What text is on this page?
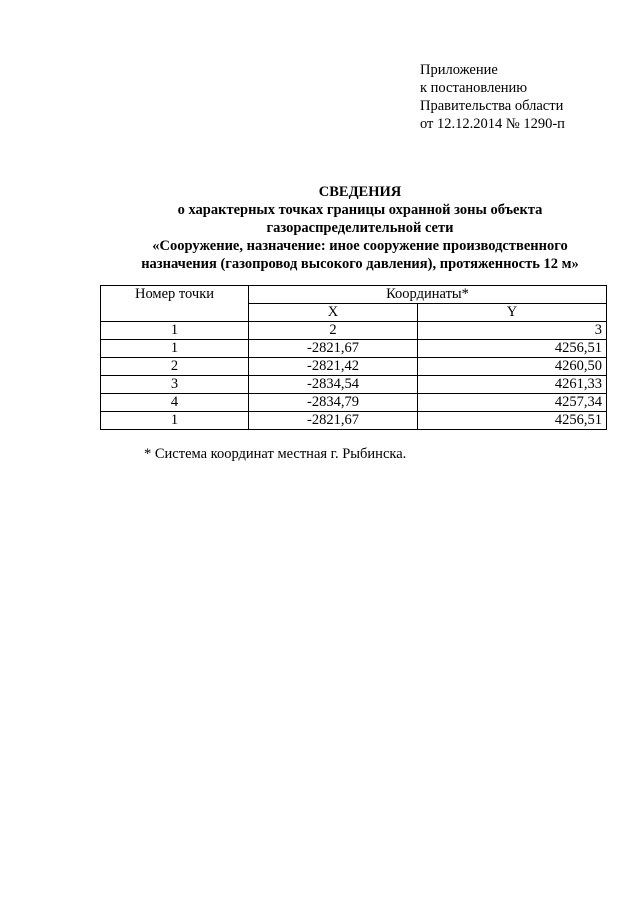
Приложение
к постановлению
Правительства области
от 12.12.2014 № 1290-п
СВЕДЕНИЯ
о характерных точках границы охранной зоны объекта
газораспределительной сети
«Сооружение, назначение: иное сооружение производственного
назначения (газопровод высокого давления), протяженность 12 м»
Номер точки	Координаты*	
	X	Y
1	2	3
1	-2821,67	4256,51
2	-2821,42	4260,50
3	-2834,54	4261,33
4	-2834,79	4257,34
1	-2821,67	4256,51
* Система координат местная г. Рыбинска.
